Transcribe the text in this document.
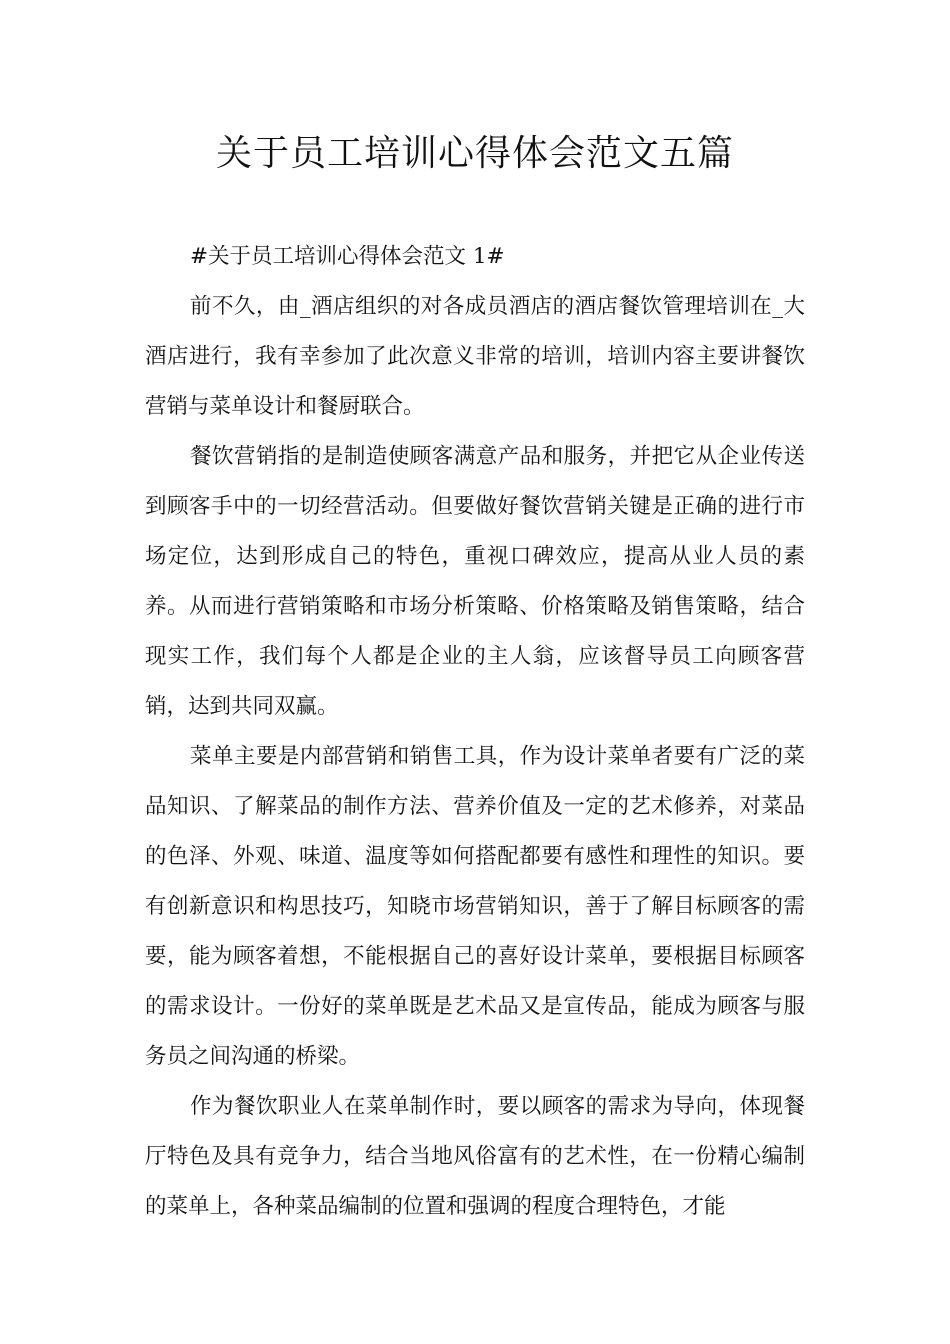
关于员工培训心得体会范文五篇

#关于员工培训心得体会范文 1#

前不久，由_酒店组织的对各成员酒店的酒店餐饮管理培训在_大酒店进行，我有幸参加了此次意义非常的培训，培训内容主要讲餐饮营销与菜单设计和餐厨联合。

餐饮营销指的是制造使顾客满意产品和服务，并把它从企业传送到顾客手中的一切经营活动。但要做好餐饮营销关键是正确的进行市场定位，达到形成自己的特色，重视口碑效应，提高从业人员的素养。从而进行营销策略和市场分析策略、价格策略及销售策略，结合现实工作，我们每个人都是企业的主人翁，应该督导员工向顾客营销，达到共同双赢。

菜单主要是内部营销和销售工具，作为设计菜单者要有广泛的菜品知识、了解菜品的制作方法、营养价值及一定的艺术修养，对菜品的色泽、外观、味道、温度等如何搭配都要有感性和理性的知识。要有创新意识和构思技巧，知晓市场营销知识，善于了解目标顾客的需要，能为顾客着想，不能根据自己的喜好设计菜单，要根据目标顾客的需求设计。一份好的菜单既是艺术品又是宣传品，能成为顾客与服务员之间沟通的桥梁。

作为餐饮职业人在菜单制作时，要以顾客的需求为导向，体现餐厅特色及具有竞争力，结合当地风俗富有的艺术性，在一份精心编制的菜单上，各种菜品编制的位置和强调的程度合理特色，才能
